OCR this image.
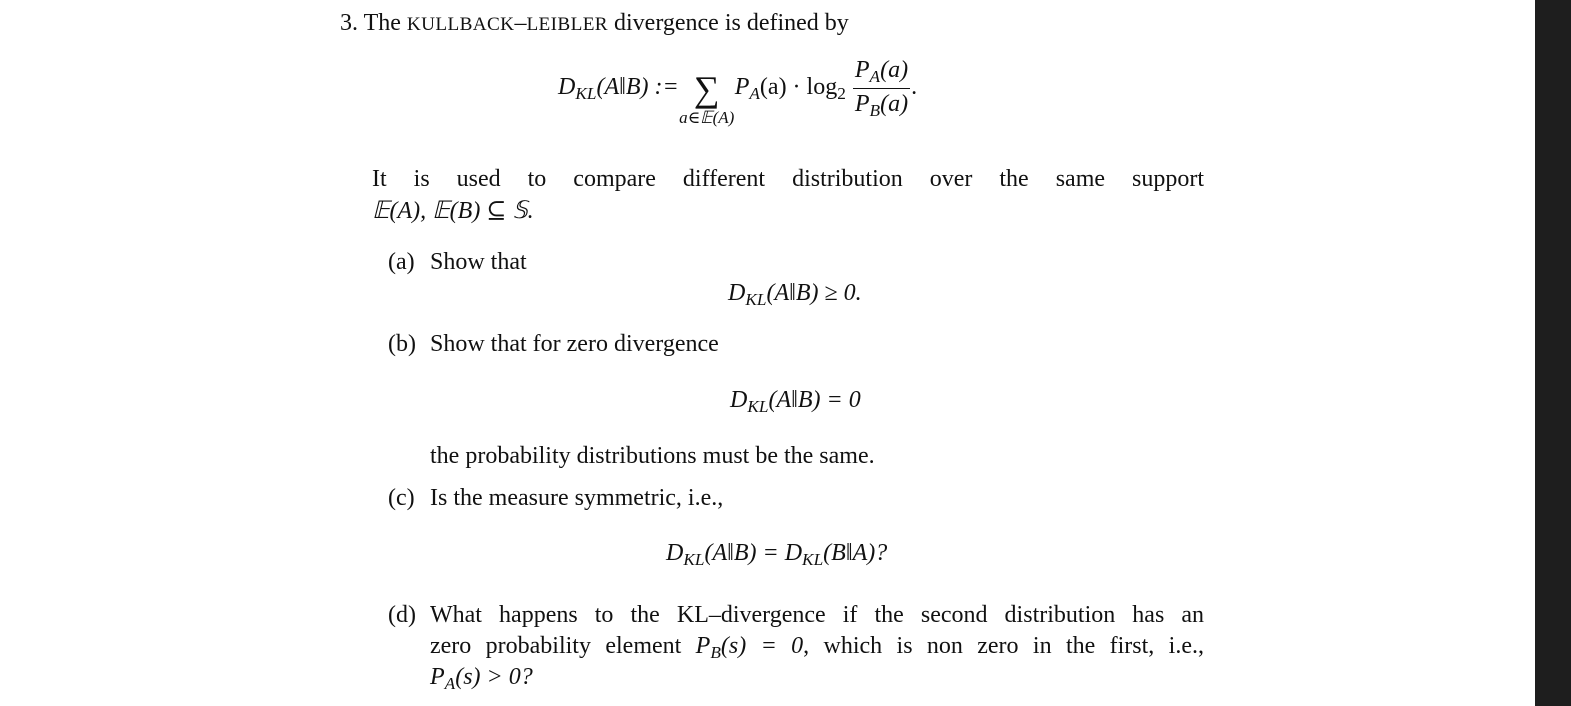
3. The KULLBACK–LEIBLER divergence is defined by
$D_{KL}(A‖B)$ := ∑
a∈𝔼(A)
$P_A(a) \cdot \log_2 \frac{P_A(a)}{P_B(a)}$ .
It is used to compare different distribution over the same support
𝔼(A), 𝔼(B) ⊆ 𝕊.
(a) Show that
$D_{KL}(A‖B) \ge 0$.
(b) Show that for zero divergence
$D_{KL}(A‖B) = 0$
the probability distributions must be the same.
(c) Is the measure symmetric, i.e.,
$D_{KL}(A‖B)$ = $D_{KL}(B‖A)$?
(d) What happens to the KL–divergence if the second distribution has an
zero probability element $P_B(s) = 0$, which is non zero in the first, i.e.,
$P_A(s) > 0$?
